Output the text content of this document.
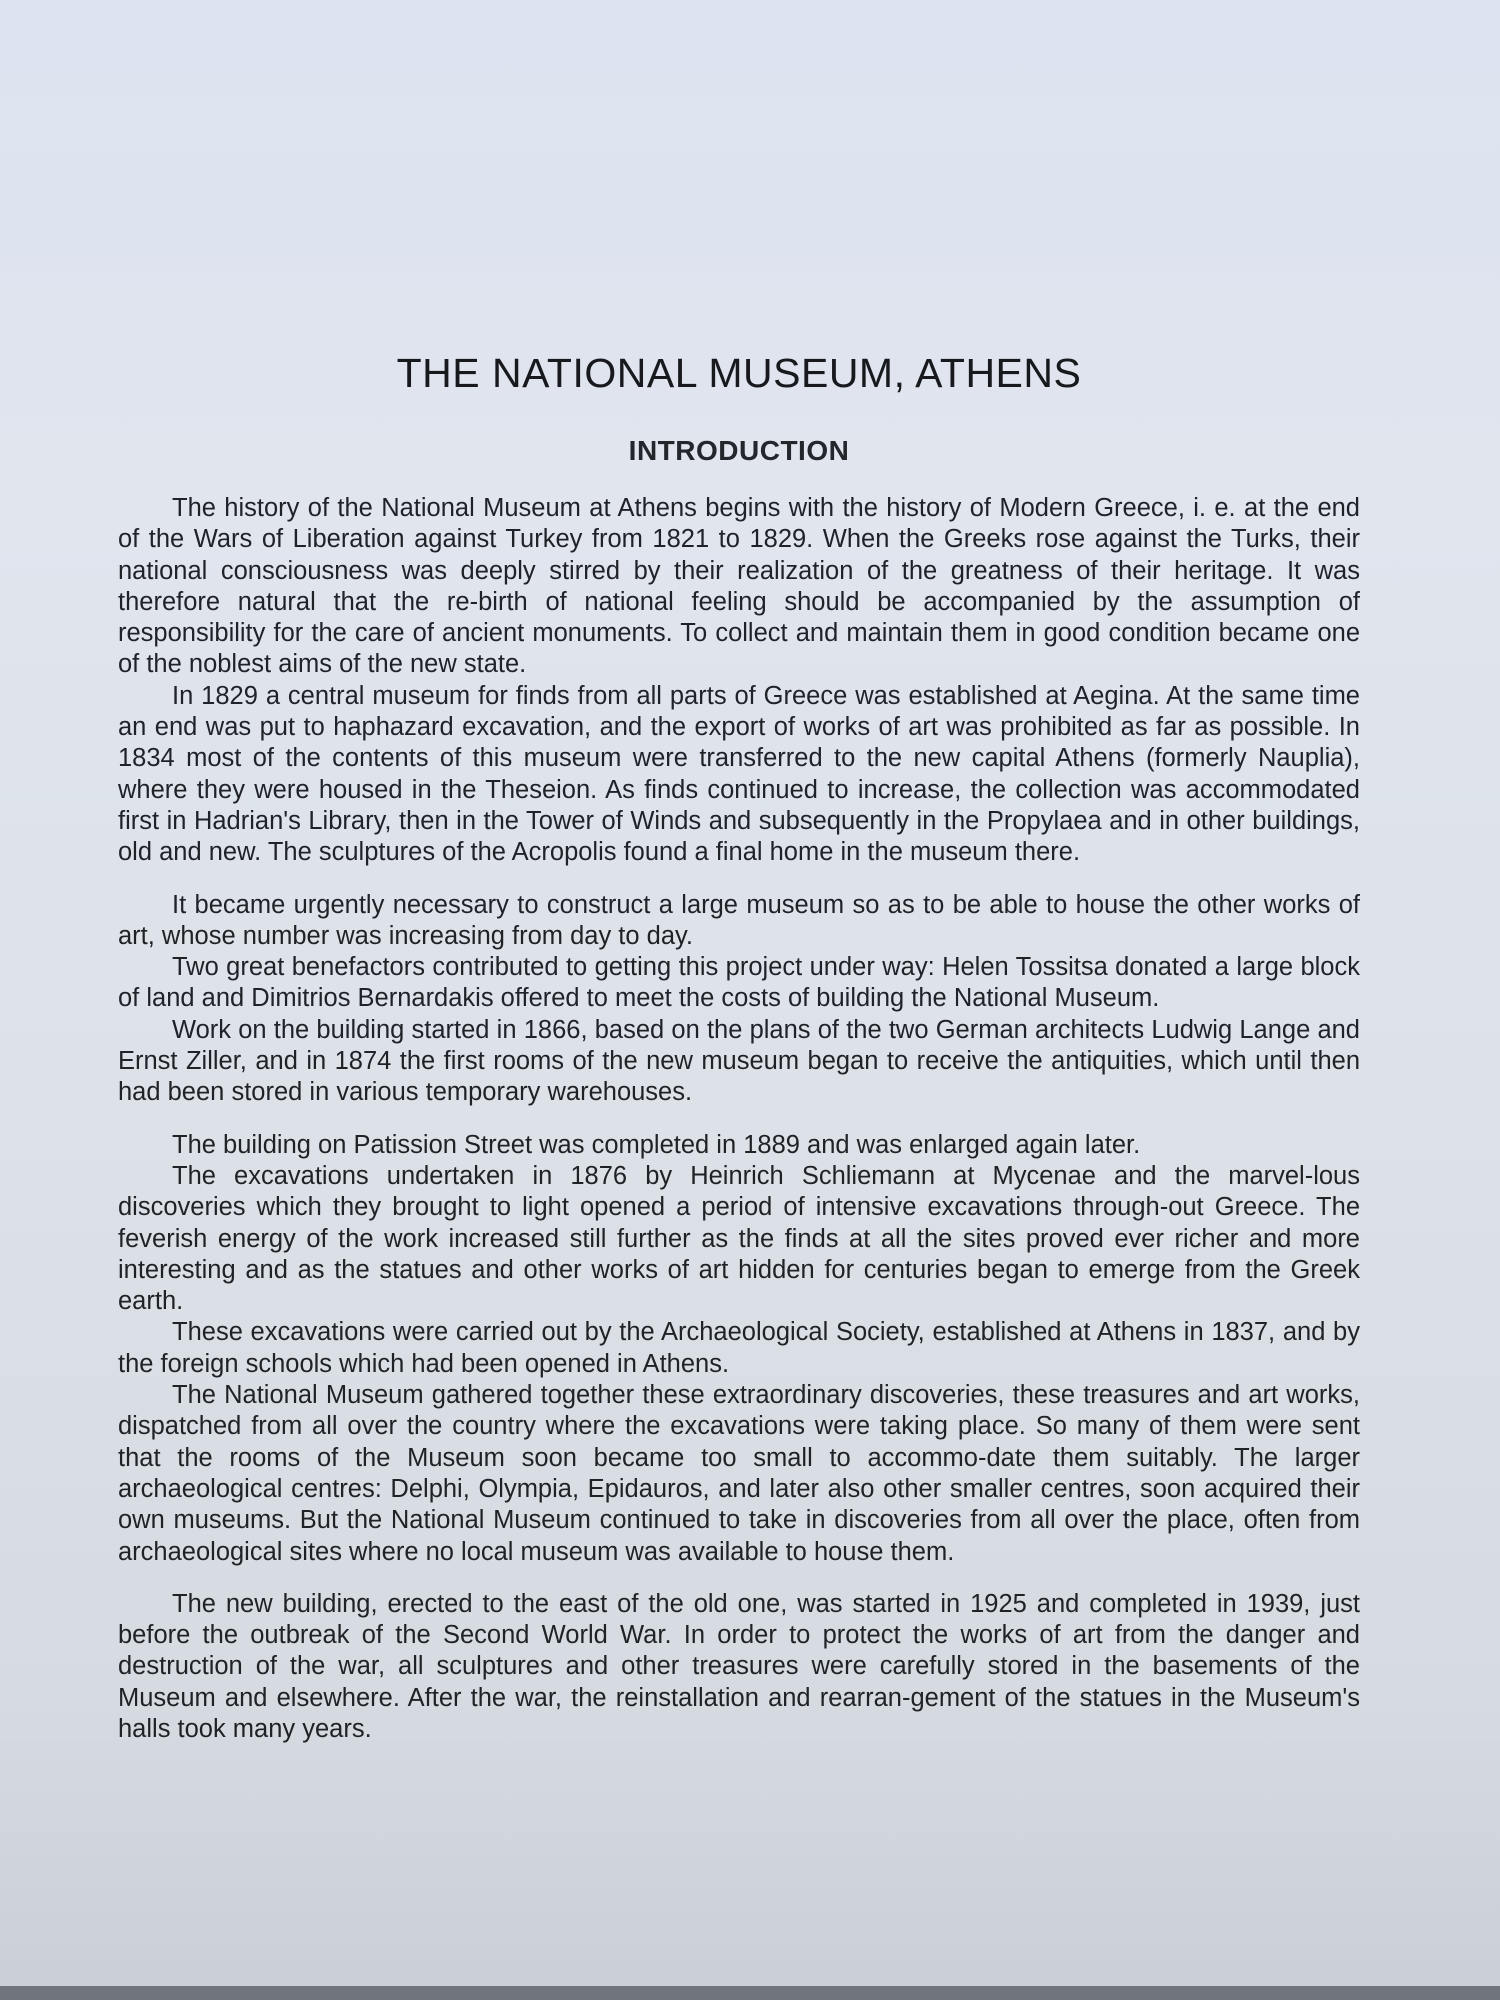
THE NATIONAL MUSEUM, ATHENS
INTRODUCTION

The history of the National Museum at Athens begins with the history of Modern Greece, i. e. at the end of the Wars of Liberation against Turkey from 1821 to 1829. When the Greeks rose against the Turks, their national consciousness was deeply stirred by their realization of the greatness of their heritage. It was therefore natural that the re-birth of national feeling should be accompanied by the assumption of responsibility for the care of ancient monuments. To collect and maintain them in good condition became one of the noblest aims of the new state.

In 1829 a central museum for finds from all parts of Greece was established at Aegina. At the same time an end was put to haphazard excavation, and the export of works of art was prohibited as far as possible. In 1834 most of the contents of this museum were transferred to the new capital Athens (formerly Nauplia), where they were housed in the Theseion. As finds continued to increase, the collection was accommodated first in Hadrian's Library, then in the Tower of Winds and subsequently in the Propylaea and in other buildings, old and new. The sculptures of the Acropolis found a final home in the museum there.

It became urgently necessary to construct a large museum so as to be able to house the other works of art, whose number was increasing from day to day.

Two great benefactors contributed to getting this project under way: Helen Tossitsa donated a large block of land and Dimitrios Bernardakis offered to meet the costs of building the National Museum.

Work on the building started in 1866, based on the plans of the two German architects Ludwig Lange and Ernst Ziller, and in 1874 the first rooms of the new museum began to receive the antiquities, which until then had been stored in various temporary warehouses.

The building on Patission Street was completed in 1889 and was enlarged again later.

The excavations undertaken in 1876 by Heinrich Schliemann at Mycenae and the marvel-lous discoveries which they brought to light opened a period of intensive excavations through-out Greece. The feverish energy of the work increased still further as the finds at all the sites proved ever richer and more interesting and as the statues and other works of art hidden for centuries began to emerge from the Greek earth.

These excavations were carried out by the Archaeological Society, established at Athens in 1837, and by the foreign schools which had been opened in Athens.

The National Museum gathered together these extraordinary discoveries, these treasures and art works, dispatched from all over the country where the excavations were taking place. So many of them were sent that the rooms of the Museum soon became too small to accommo-date them suitably. The larger archaeological centres: Delphi, Olympia, Epidauros, and later also other smaller centres, soon acquired their own museums. But the National Museum continued to take in discoveries from all over the place, often from archaeological sites where no local museum was available to house them.

The new building, erected to the east of the old one, was started in 1925 and completed in 1939, just before the outbreak of the Second World War. In order to protect the works of art from the danger and destruction of the war, all sculptures and other treasures were carefully stored in the basements of the Museum and elsewhere. After the war, the reinstallation and rearran-gement of the statues in the Museum's halls took many years.
